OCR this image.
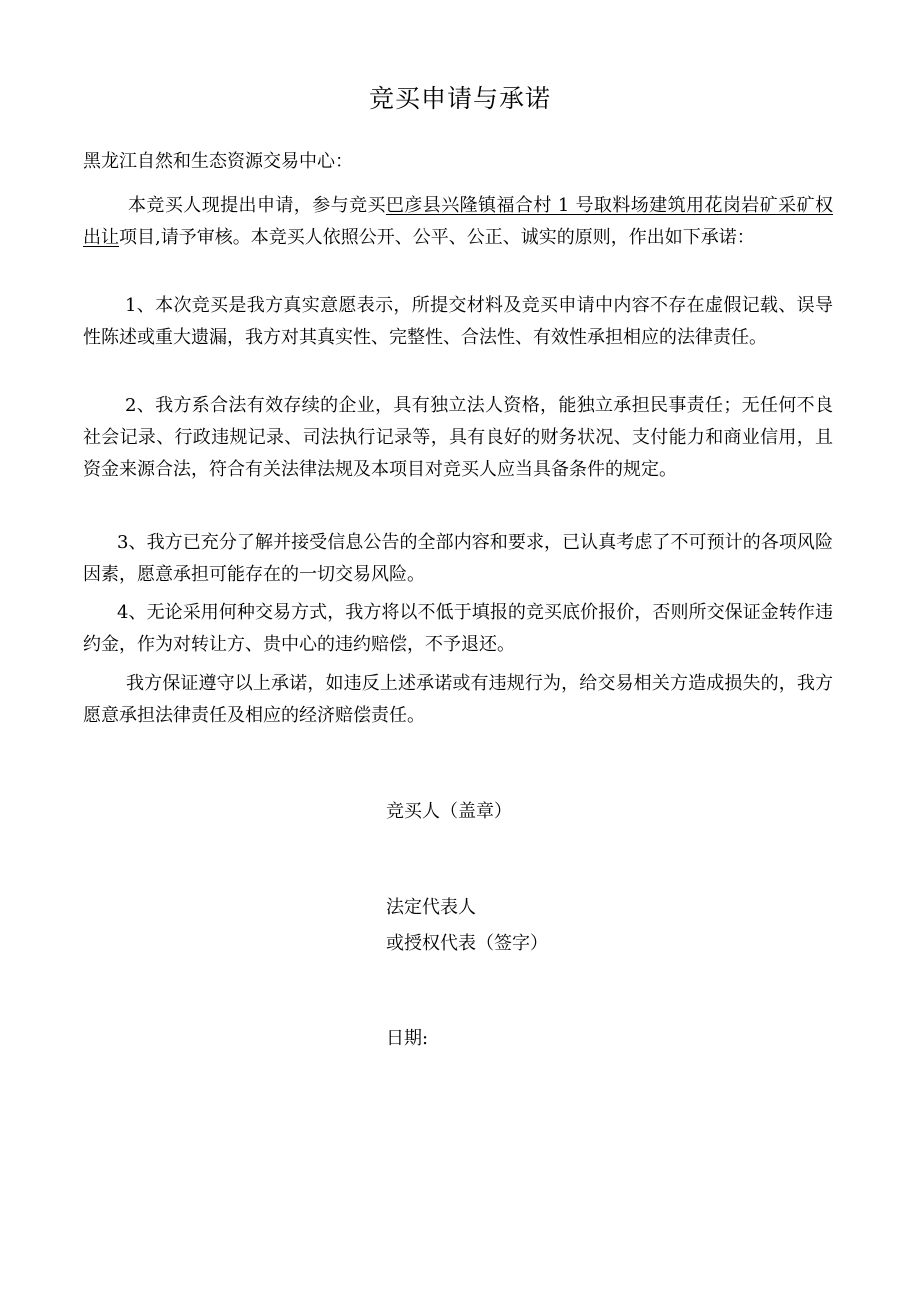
竞买申请与承诺
黑龙江自然和生态资源交易中心：
本竞买人现提出申请，参与竞买巴彦县兴隆镇福合村 1 号取料场建筑用花岗岩矿采矿权出让项目,请予审核。本竞买人依照公开、公平、公正、诚实的原则，作出如下承诺：
1、本次竞买是我方真实意愿表示，所提交材料及竞买申请中内容不存在虚假记载、误导性陈述或重大遗漏，我方对其真实性、完整性、合法性、有效性承担相应的法律责任。
2、我方系合法有效存续的企业，具有独立法人资格，能独立承担民事责任；无任何不良社会记录、行政违规记录、司法执行记录等，具有良好的财务状况、支付能力和商业信用，且资金来源合法，符合有关法律法规及本项目对竞买人应当具备条件的规定。
3、我方已充分了解并接受信息公告的全部内容和要求，已认真考虑了不可预计的各项风险因素，愿意承担可能存在的一切交易风险。
4、无论采用何种交易方式，我方将以不低于填报的竞买底价报价，否则所交保证金转作违约金，作为对转让方、贵中心的违约赔偿，不予退还。
我方保证遵守以上承诺，如违反上述承诺或有违规行为，给交易相关方造成损失的，我方愿意承担法律责任及相应的经济赔偿责任。
竞买人（盖章）
法定代表人
或授权代表（签字）
日期:
